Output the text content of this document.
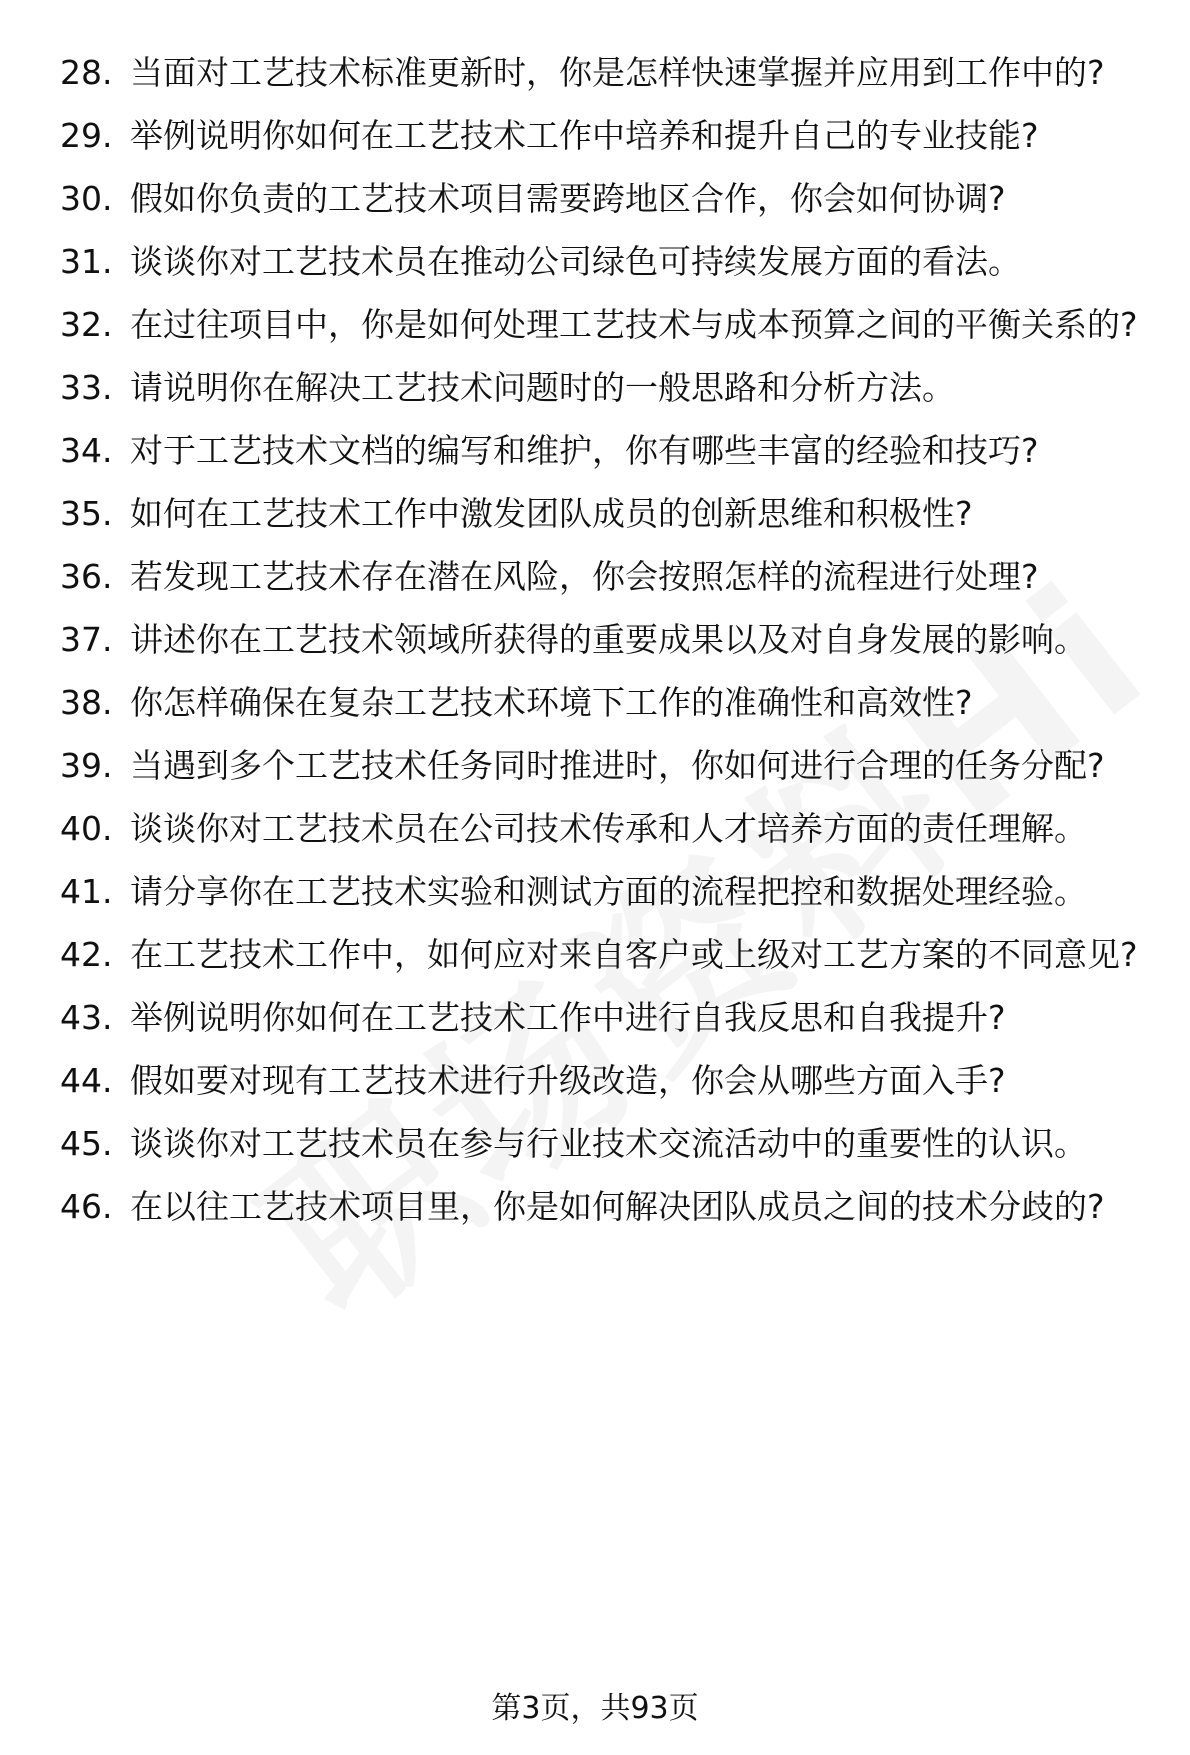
28. 当面对工艺技术标准更新时，你是怎样快速掌握并应用到工作中的?
29. 举例说明你如何在工艺技术工作中培养和提升自己的专业技能?
30. 假如你负责的工艺技术项目需要跨地区合作，你会如何协调?
31. 谈谈你对工艺技术员在推动公司绿色可持续发展方面的看法。
32. 在过往项目中，你是如何处理工艺技术与成本预算之间的平衡关系的?
33. 请说明你在解决工艺技术问题时的一般思路和分析方法。
34. 对于工艺技术文档的编写和维护，你有哪些丰富的经验和技巧?
35. 如何在工艺技术工作中激发团队成员的创新思维和积极性?
36. 若发现工艺技术存在潜在风险，你会按照怎样的流程进行处理?
37. 讲述你在工艺技术领域所获得的重要成果以及对自身发展的影响。
38. 你怎样确保在复杂工艺技术环境下工作的准确性和高效性?
39. 当遇到多个工艺技术任务同时推进时，你如何进行合理的任务分配?
40. 谈谈你对工艺技术员在公司技术传承和人才培养方面的责任理解。
41. 请分享你在工艺技术实验和测试方面的流程把控和数据处理经验。
42. 在工艺技术工作中，如何应对来自客户或上级对工艺方案的不同意见?
43. 举例说明你如何在工艺技术工作中进行自我反思和自我提升?
44. 假如要对现有工艺技术进行升级改造，你会从哪些方面入手?
45. 谈谈你对工艺技术员在参与行业技术交流活动中的重要性的认识。
46. 在以往工艺技术项目里，你是如何解决团队成员之间的技术分歧的?
第3页，共93页
